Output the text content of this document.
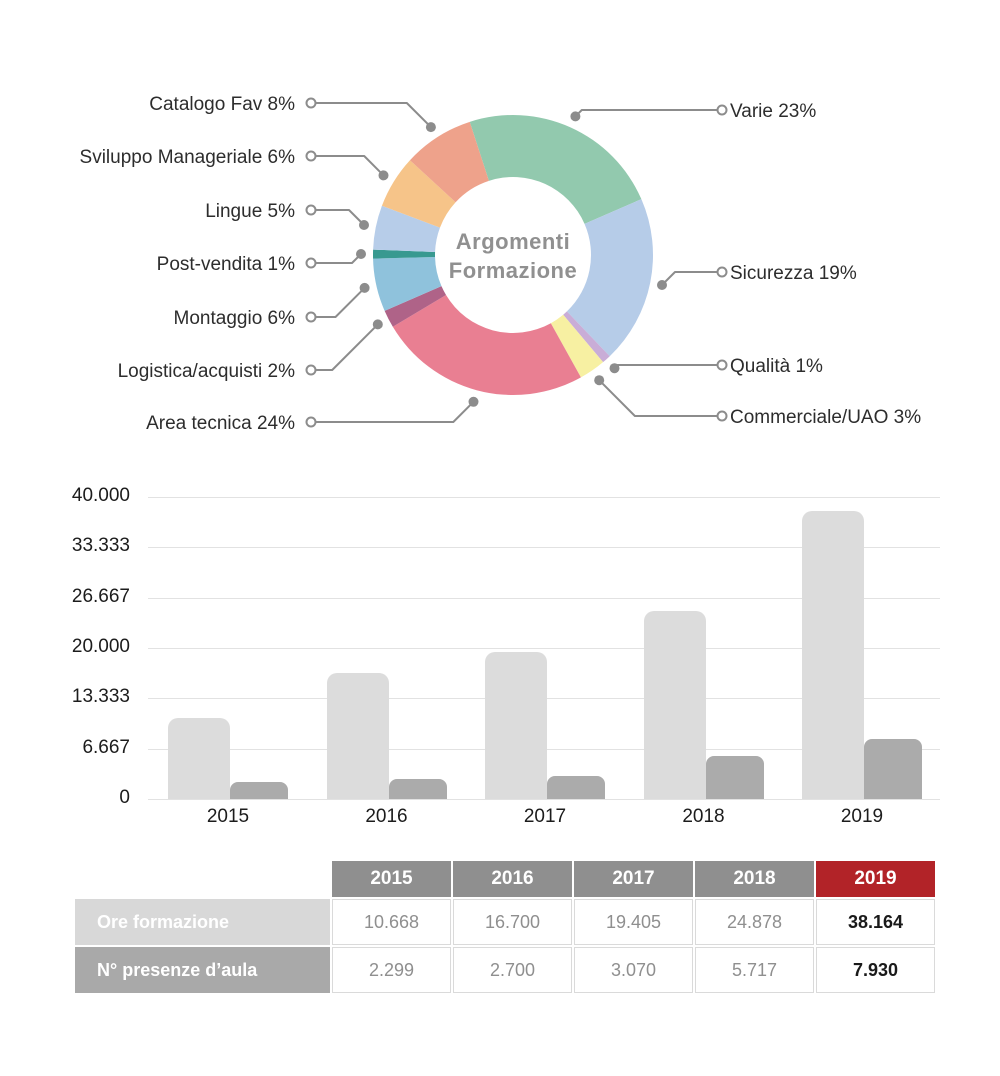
Varie 23%
Sicurezza 19%
Qualità 1%
Commerciale/UAO 3%
Area tecnica 24%
Logistica/acquisti 2%
Montaggio 6%
Post-vendita 1%
Lingue 5%
Sviluppo Manageriale 6%
Catalogo Fav 8%
Argomenti
Formazione
40.000
33.333
26.667
20.000
13.333
6.667
0
2015	2016	2017	2018	2019
	2015	2016	2017	2018	2019
Ore formazione	10.668	16.700	19.405	24.878	38.164
N° presenze d’aula	2.299	2.700	3.070	5.717	7.930
